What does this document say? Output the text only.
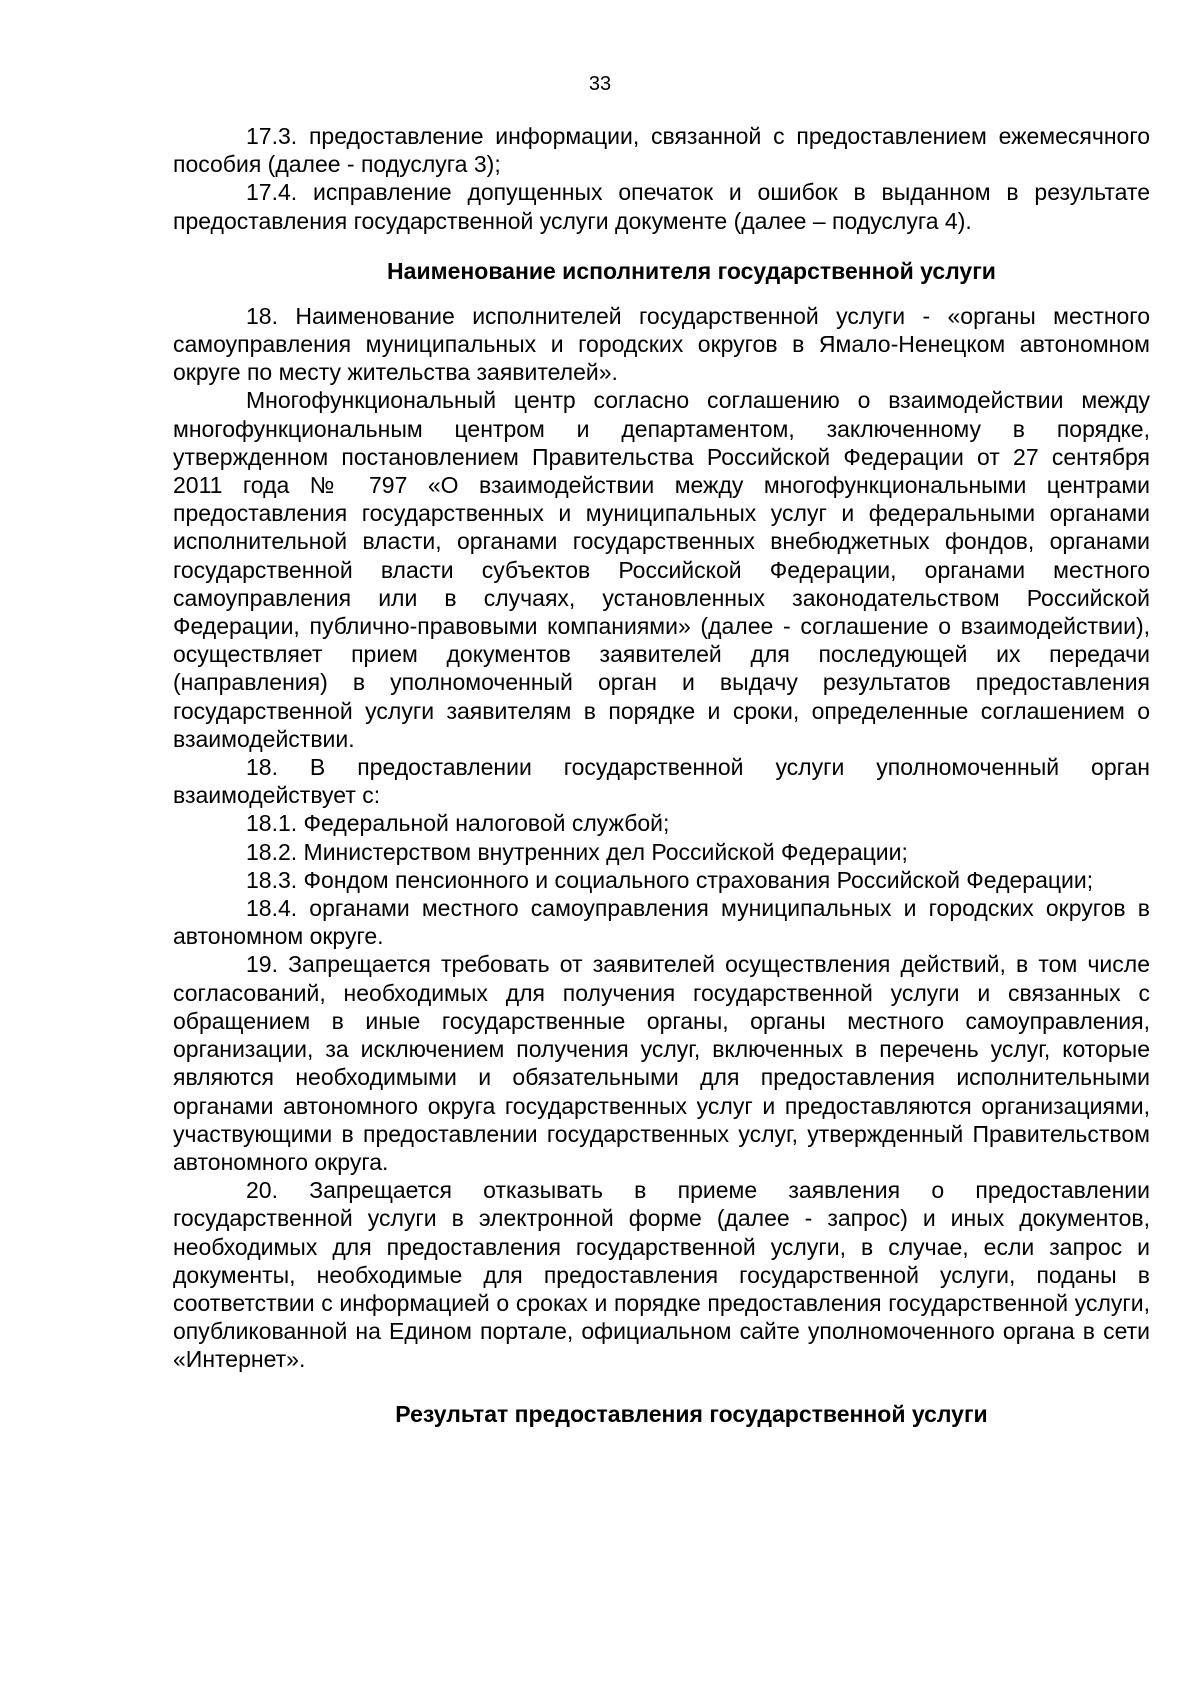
33

17.3. предоставление информации, связанной с предоставлением ежемесячного пособия (далее - подуслуга 3);

17.4. исправление допущенных опечаток и ошибок в выданном в результате предоставления государственной услуги документе (далее – подуслуга 4).

Наименование исполнителя государственной услуги

18. Наименование исполнителей государственной услуги - «органы местного самоуправления муниципальных и городских округов в Ямало-Ненецком автономном округе по месту жительства заявителей».

Многофункциональный центр согласно соглашению о взаимодействии между многофункциональным центром и департаментом, заключенному в порядке, утвержденном постановлением Правительства Российской Федерации от 27 сентября 2011 года № 797 «О взаимодействии между многофункциональными центрами предоставления государственных и муниципальных услуг и федеральными органами исполнительной власти, органами государственных внебюджетных фондов, органами государственной власти субъектов Российской Федерации, органами местного самоуправления или в случаях, установленных законодательством Российской Федерации, публично-правовыми компаниями» (далее - соглашение о взаимодействии), осуществляет прием документов заявителей для последующей их передачи (направления) в уполномоченный орган и выдачу результатов предоставления государственной услуги заявителям в порядке и сроки, определенные соглашением о взаимодействии.

18. В предоставлении государственной услуги уполномоченный орган взаимодействует с:

18.1. Федеральной налоговой службой;

18.2. Министерством внутренних дел Российской Федерации;

18.3. Фондом пенсионного и социального страхования Российской Федерации;

18.4. органами местного самоуправления муниципальных и городских округов в автономном округе.

19. Запрещается требовать от заявителей осуществления действий, в том числе согласований, необходимых для получения государственной услуги и связанных с обращением в иные государственные органы, органы местного самоуправления, организации, за исключением получения услуг, включенных в перечень услуг, которые являются необходимыми и обязательными для предоставления исполнительными органами автономного округа государственных услуг и предоставляются организациями, участвующими в предоставлении государственных услуг, утвержденный Правительством автономного округа.

20. Запрещается отказывать в приеме заявления о предоставлении государственной услуги в электронной форме (далее - запрос) и иных документов, необходимых для предоставления государственной услуги, в случае, если запрос и документы, необходимые для предоставления государственной услуги, поданы в соответствии с информацией о сроках и порядке предоставления государственной услуги, опубликованной на Едином портале, официальном сайте уполномоченного органа в сети «Интернет».

Результат предоставления государственной услуги
